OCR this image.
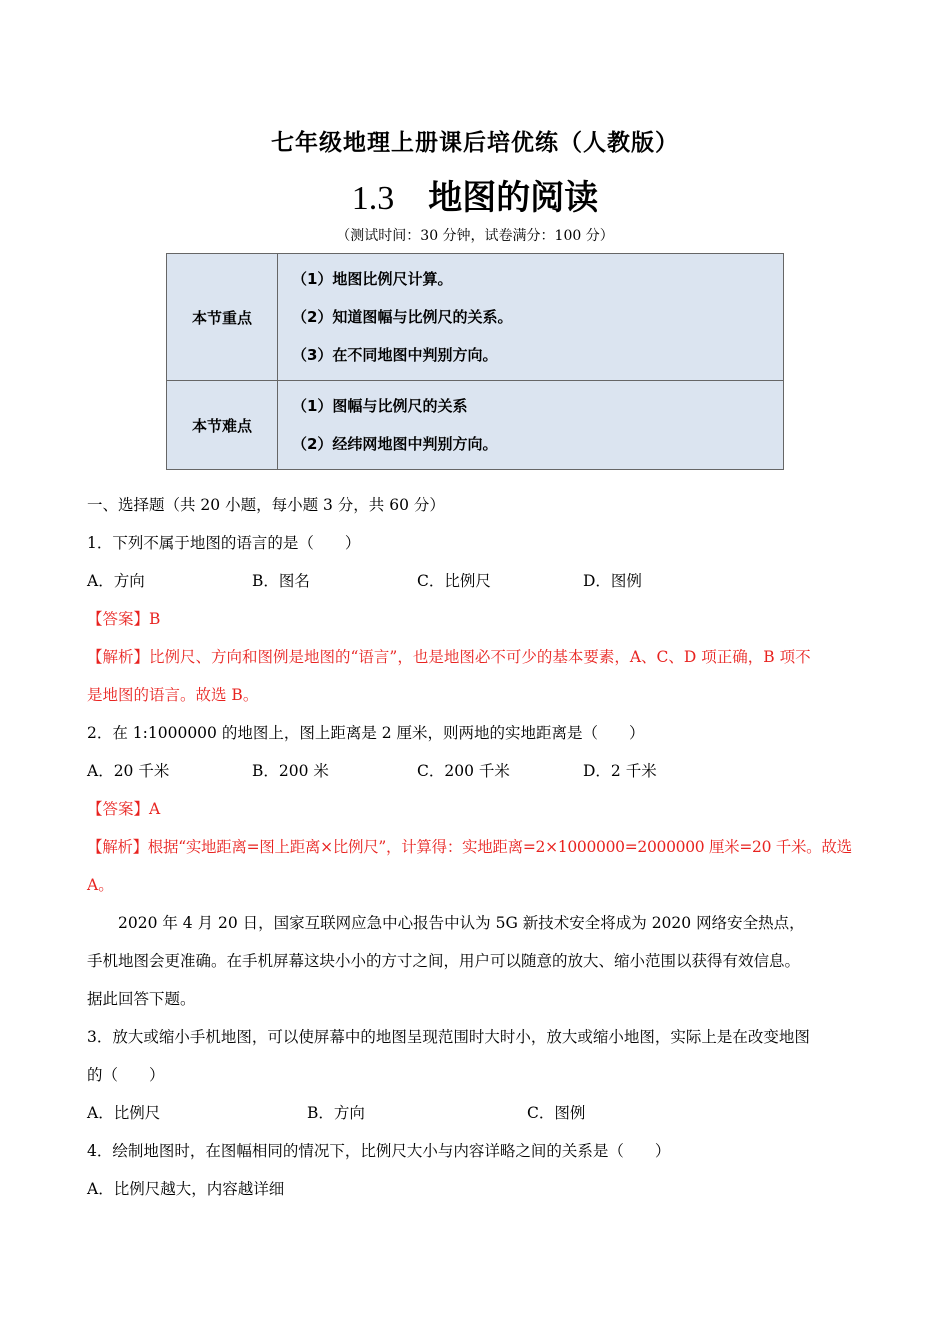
七年级地理上册课后培优练（人教版）
1.3 地图的阅读
（测试时间：30 分钟，试卷满分：100 分）
本节重点	（1）地图比例尺计算。
（2）知道图幅与比例尺的关系。
（3）在不同地图中判别方向。

本节难点	（1）图幅与比例尺的关系
（2）经纬网地图中判别方向。
一、选择题（共 20 小题，每小题 3 分，共 60 分）
1．下列不属于地图的语言的是（　　）
A．方向	B．图名	C．比例尺	D．图例
【答案】B
【解析】比例尺、方向和图例是地图的“语言”，也是地图必不可少的基本要素，A、C、D 项正确，B 项不
是地图的语言。故选 B。
2．在 1:1000000 的地图上，图上距离是 2 厘米，则两地的实地距离是（　　）
A．20 千米	B．200 米	C．200 千米	D．2 千米
【答案】A
【解析】根据“实地距离=图上距离×比例尺”，计算得：实地距离=2×1000000=2000000 厘米=20 千米。故选
A。
2020 年 4 月 20 日，国家互联网应急中心报告中认为 5G 新技术安全将成为 2020 网络安全热点，
手机地图会更准确。在手机屏幕这块小小的方寸之间，用户可以随意的放大、缩小范围以获得有效信息。
据此回答下题。
3．放大或缩小手机地图，可以使屏幕中的地图呈现范围时大时小，放大或缩小地图，实际上是在改变地图
的（　　）
A．比例尺	B．方向	C．图例
4．绘制地图时，在图幅相同的情况下，比例尺大小与内容详略之间的关系是（　　）
A．比例尺越大，内容越详细
